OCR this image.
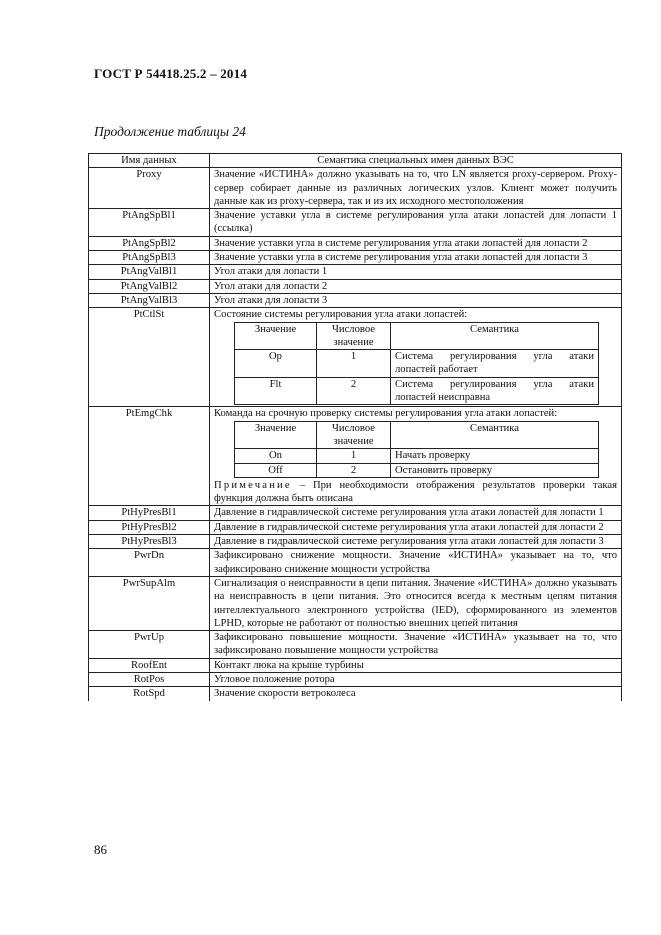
ГОСТ Р 54418.25.2 – 2014
Продолжение таблицы 24
Имя данных	Семантика специальных имен данных ВЭС
Proxy	Значение «ИСТИНА» должно указывать на то, что LN является proxy-сервером. Proxy-сервер собирает данные из различных логических узлов. Клиент может получить данные как из proxy-сервера, так и из их исходного местоположения
PtAngSpBl1	Значение уставки угла в системе регулирования угла атаки лопастей для лопасти 1 (ссылка)
PtAngSpBl2	Значение уставки угла в системе регулирования угла атаки лопастей для лопасти 2
PtAngSpBl3	Значение уставки угла в системе регулирования угла атаки лопастей для лопасти 3
PtAngValBl1	Угол атаки для лопасти 1
PtAngValBl2	Угол атаки для лопасти 2
PtAngValBl3	Угол атаки для лопасти 3
PtCtlSt	Состояние системы регулирования угла атаки лопастей:
Значение	Числовое значение	Семантика
Op	1	Система регулирования угла атаки лопастей работает
Flt	2	Система регулирования угла атаки лопастей неисправна

PtEmgChk	Команда на срочную проверку системы регулирования угла атаки лопастей:
Значение	Числовое значение	Семантика
On	1	Начать проверку
Off	2	Остановить проверку
Примечание – При необходимости отображения результатов проверки такая функция должна быть описана

PtHyPresBl1	Давление в гидравлической системе регулирования угла атаки лопастей для лопасти 1
PtHyPresBl2	Давление в гидравлической системе регулирования угла атаки лопастей для лопасти 2
PtHyPresBl3	Давление в гидравлической системе регулирования угла атаки лопастей для лопасти 3
PwrDn	Зафиксировано снижение мощности. Значение «ИСТИНА» указывает на то, что зафиксировано снижение мощности устройства
PwrSupAlm	Сигнализация о неисправности в цепи питания. Значение «ИСТИНА» должно указывать на неисправность в цепи питания. Это относится всегда к местным цепям питания интеллектуального электронного устройства (IED), сформированного из элементов LPHD, которые не работают от полностью внешних цепей питания
PwrUp	Зафиксировано повышение мощности. Значение «ИСТИНА» указывает на то, что зафиксировано повышение мощности устройства
RoofEnt	Контакт люка на крыше турбины
RotPos	Угловое положение ротора
RotSpd	Значение скорости ветроколеса
86
